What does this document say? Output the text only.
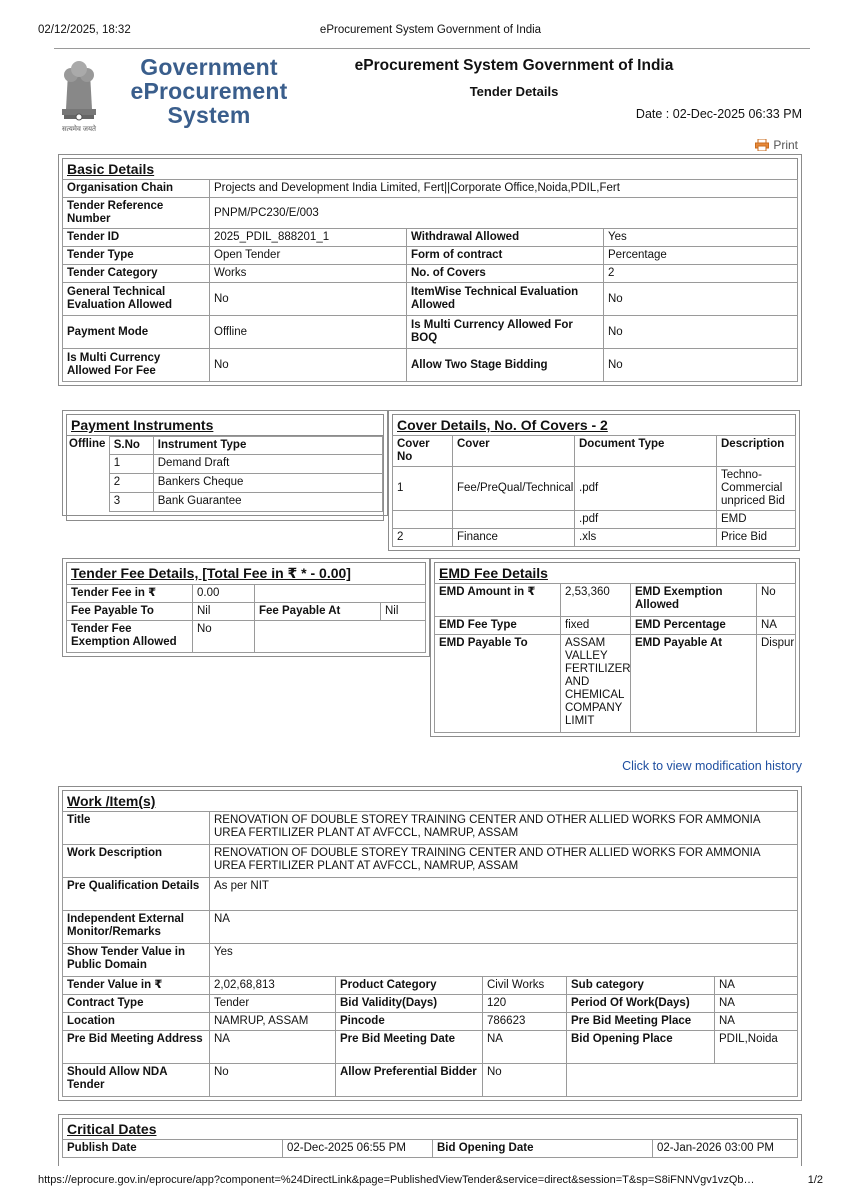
02/12/2025, 18:32	eProcurement System Government of India
सत्यमेव जयते
Government
eProcurement
System
eProcurement System Government of India
Tender Details
Date : 02-Dec-2025 06:33 PM
Print
Basic Details
Organisation Chain	Projects and Development India Limited, Fert||Corporate Office,Noida,PDIL,Fert		
Tender Reference Number	PNPM/PC230/E/003		
Tender ID	2025_PDIL_888201_1	Withdrawal Allowed	Yes
Tender Type	Open Tender	Form of contract	Percentage
Tender Category	Works	No. of Covers	2
General Technical Evaluation Allowed	No	ItemWise Technical Evaluation Allowed	No
Payment Mode	Offline	Is Multi Currency Allowed For BOQ	No
Is Multi Currency Allowed For Fee	No	Allow Two Stage Bidding	No
Payment Instruments
Offline S.No	Instrument Type
1	Demand Draft
2	Bankers Cheque
3	Bank Guarantee
Cover Details, No. Of Covers - 2
Cover No	Cover	Document Type	Description
1	Fee/PreQual/Technical	.pdf	Techno-Commercial unpriced Bid
		.pdf	EMD
2	Finance	.xls	Price Bid
Tender Fee Details, [Total Fee in ₹ * - 0.00]
Tender Fee in ₹	0.00		
Fee Payable To	Nil	Fee Payable At	Nil
Tender Fee Exemption Allowed	No		
EMD Fee Details
EMD Amount in ₹	2,53,360	EMD Exemption Allowed	No
EMD Fee Type	fixed	EMD Percentage	NA
EMD Payable To	ASSAM VALLEY FERTILIZER AND CHEMICAL COMPANY LIMIT	EMD Payable At	Dispur
Click to view modification history
Work /Item(s)
Title	RENOVATION OF DOUBLE STOREY TRAINING CENTER AND OTHER ALLIED WORKS FOR AMMONIA UREA FERTILIZER PLANT AT AVFCCL, NAMRUP, ASSAM				
Work Description	RENOVATION OF DOUBLE STOREY TRAINING CENTER AND OTHER ALLIED WORKS FOR AMMONIA UREA FERTILIZER PLANT AT AVFCCL, NAMRUP, ASSAM				
Pre Qualification Details	As per NIT				
Independent External Monitor/Remarks	NA				
Show Tender Value in Public Domain	Yes				
Tender Value in ₹	2,02,68,813	Product Category	Civil Works	Sub category	NA
Contract Type	Tender	Bid Validity(Days)	120	Period Of Work(Days)	NA
Location	NAMRUP, ASSAM	Pincode	786623	Pre Bid Meeting Place	NA
Pre Bid Meeting Address	NA	Pre Bid Meeting Date	NA	Bid Opening Place	PDIL,Noida
Should Allow NDA Tender	No	Allow Preferential Bidder	No		
Critical Dates
Publish Date	02-Dec-2025 06:55 PM	Bid Opening Date	02-Jan-2026 03:00 PM
https://eprocure.gov.in/eprocure/app?component=%24DirectLink&page=PublishedViewTender&service=direct&session=T&sp=S8iFNNVgv1vzQb…	1/2
